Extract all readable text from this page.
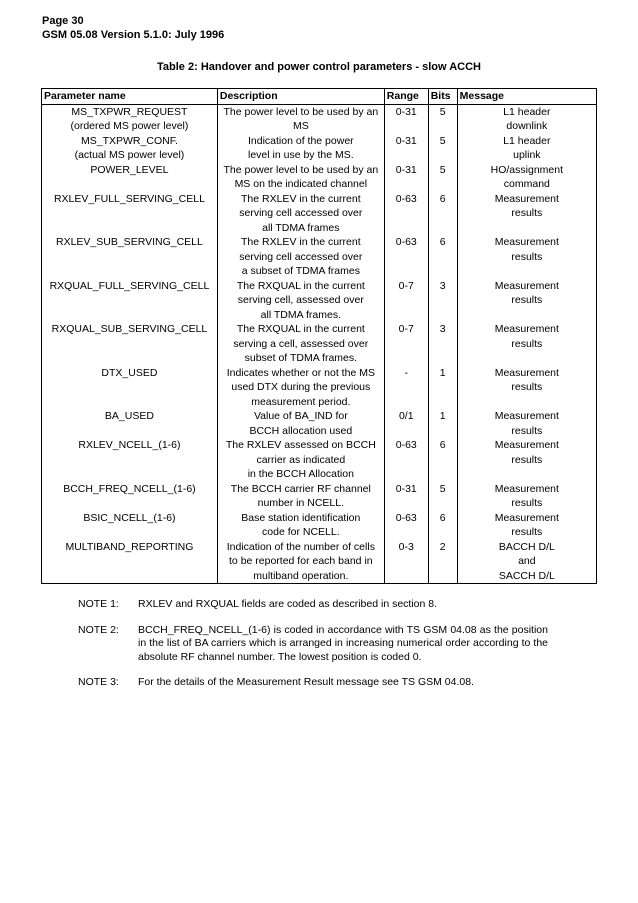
Page 30
GSM 05.08 Version 5.1.0: July 1996
Table 2: Handover and power control parameters - slow ACCH
Parameter name	Description	Range	Bits	Message

MS_TXPWR_REQUEST
(ordered MS power level)	The power level to be used by an
MS	0-31	5	L1 header
downlink

MS_TXPWR_CONF.
(actual MS power level)	Indication of the power
level in use by the MS.	0-31	5	L1 header
uplink

POWER_LEVEL	The power level to be used by an
MS on the indicated channel	0-31	5	HO/assignment
command

RXLEV_FULL_SERVING_CELL	The RXLEV in the current
serving cell accessed over
all TDMA frames	0-63	6	Measurement
results

RXLEV_SUB_SERVING_CELL	The RXLEV in the current
serving cell accessed over
a subset of TDMA frames	0-63	6	Measurement
results

RXQUAL_FULL_SERVING_CELL	The RXQUAL in the current
serving cell, assessed over
all TDMA frames.	0-7	3	Measurement
results

RXQUAL_SUB_SERVING_CELL	The RXQUAL in the current
serving a cell, assessed over
subset of TDMA frames.	0-7	3	Measurement
results

DTX_USED	Indicates whether or not the MS
used DTX during the previous
measurement period.	-	1	Measurement
results

BA_USED	Value of BA_IND for
BCCH allocation used	0/1	1	Measurement
results

RXLEV_NCELL_(1-6)	The RXLEV assessed on BCCH
carrier as indicated
in the BCCH Allocation	0-63	6	Measurement
results

BCCH_FREQ_NCELL_(1-6)	The BCCH carrier RF channel
number in NCELL.	0-31	5	Measurement
results

BSIC_NCELL_(1-6)	Base station identification
code for NCELL.	0-63	6	Measurement
results

MULTIBAND_REPORTING	Indication of the number of cells
to be reported for each band in
multiband operation.	0-3	2	BACCH D/L
and
SACCH D/L
NOTE 1:	RXLEV and RXQUAL fields are coded as described in section 8.
NOTE 2:	BCCH_FREQ_NCELL_(1-6) is coded in accordance with TS GSM 04.08 as the position in the list of BA carriers which is arranged in increasing numerical order according to the absolute RF channel number. The lowest position is coded 0.
NOTE 3:	For the details of the Measurement Result message see TS GSM 04.08.
